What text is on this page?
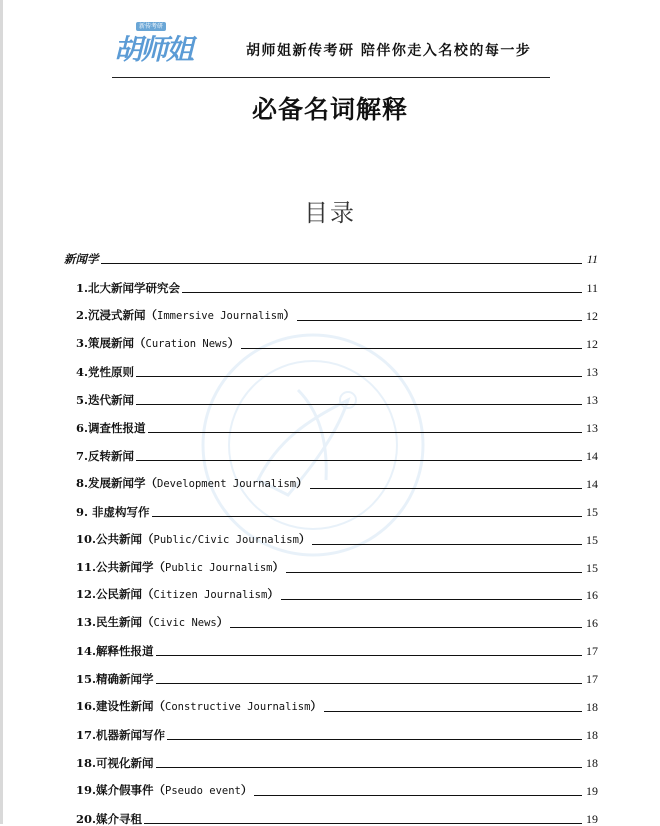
胡师姐
新传考研
胡师姐新传考研 陪伴你走入名校的每一步
必备名词解释
目录
新闻学	11
1.北大新闻学研究会	11
2.沉浸式新闻（Immersive Journalism）	12
3.策展新闻（Curation News）	12
4.党性原则	13
5.迭代新闻	13
6.调查性报道	13
7.反转新闻	14
8.发展新闻学（Development Journalism）	14
9. 非虚构写作	15
10.公共新闻（Public/Civic Journalism）	15
11.公共新闻学（Public Journalism）	15
12.公民新闻（Citizen Journalism）	16
13.民生新闻（Civic News）	16
14.解释性报道	17
15.精确新闻学	17
16.建设性新闻（Constructive Journalism）	18
17.机器新闻写作	18
18.可视化新闻	18
19.媒介假事件（Pseudo event）	19
20.媒介寻租	19
